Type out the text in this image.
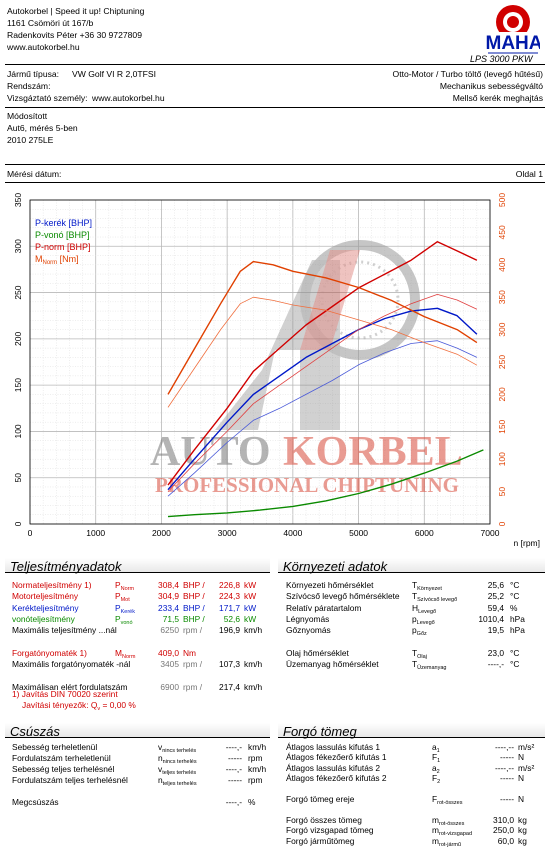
Autokorbel | Speed it up! Chiptuning
1161 Csömöri út 167/b
Radenkovits Péter +36 30 9727809
www.autokorbel.hu	MAHA
LPS 3000 PKW
Jármű típusa: VW Golf VI R 2,0TFSI
Rendszám:
Vizsgáztató személy: www.autokorbel.hu
Otto-Motor / Turbo töltő (levegő hűtésű)
Mechanikus sebességváltó
Mellső kerék meghajtás
Módosított
Aut6, mérés 5-ben
2010 275LE
Mérési dátum:	Oldal 1
AUTO KORBEL
PROFESSIONAL CHIPTUNING
0
50
100
150
200
250
300
350
0
50
100
150
200
250
300
350
400
450
500
0	1000	2000	3000	4000	5000	6000	7000
n [rpm]
P-kerék [BHP]
P-vonó [BHP]
P-norm [BHP]
$M_{Norm}$ [Nm]
Teljesítményadatok	Környezeti adatok
Normateljesítmény 1)	$P_{Norm}$	308,4 BHP /	226,8 kW
Motorteljesítmény	$P_{Mot}$	304,9 BHP /	224,3 kW
Kerékteljesítmény	$P_{Kerék}$	233,4 BHP /	171,7 kW
vonóteljesítmény	$P_{vonó}$	71,5 BHP /	52,6 kW
Maximális teljesítmény ...nál	6250 rpm /	196,9 km/h
Forgatónyomaték 1)	$M_{Norm}$	409,0 Nm
Maximális forgatónyomaték -nál	3405 rpm /	107,3 km/h
Maximálisan elért fordulatszám	6900 rpm /	217,4 km/h
Környezeti hőmérséklet	$T_{Környezet}$	25,6 °C
Szívócső levegő hőmérséklete $T_{Szívócső levegő}$	25,2 °C
Relatív páratartalom	$H_{Levegő}$	59,4 %
Légnyomás	$p_{Levegő}$	1010,4 hPa
Gőznyomás	$p_{Gőz}$	19,5 hPa
Olaj hőmérséklet	$T_{Olaj}$	23,0 °C
Üzemanyag hőmérséklet	$T_{Üzemanyag}$	----,- °C
1) Javítás DIN 70020 szerint
Javítási tényezők: $Q_v = 0,00$ %
Csúszás	Forgó tömeg
Sebesség terheletlenül	$v_{nincs terhelés}$	----,- km/h
Fordulatszám terheletlenül	$n_{nincs terhelés}$	----- rpm
Sebesség teljes terhelésnél	$v_{teljes terhelés}$	----,- km/h
Fordulatszám teljes terhelésnél	$n_{teljes terhelés}$	----- rpm
Megcsúszás	----,- %
Átlagos lassulás kifutás 1	$a_1$	----,-- m/s²
Átlagos fékezőerő kifutás 1	$F_1$	----- N
Átlagos lassulás kifutás 2	$a_2$	----,-- m/s²
Átlagos fékezőerő kifutás 2	$F_2$	----- N
Forgó tömeg ereje	$F_{rot-összes}$	----- N
Forgó összes tömeg	$m_{rot-összes}$	310,0 kg
Forgó vizsgapad tömeg	$m_{rot-vizsgapad}$	250,0 kg
Forgó járműtömeg	$m_{rot-jármű}$	60,0 kg
